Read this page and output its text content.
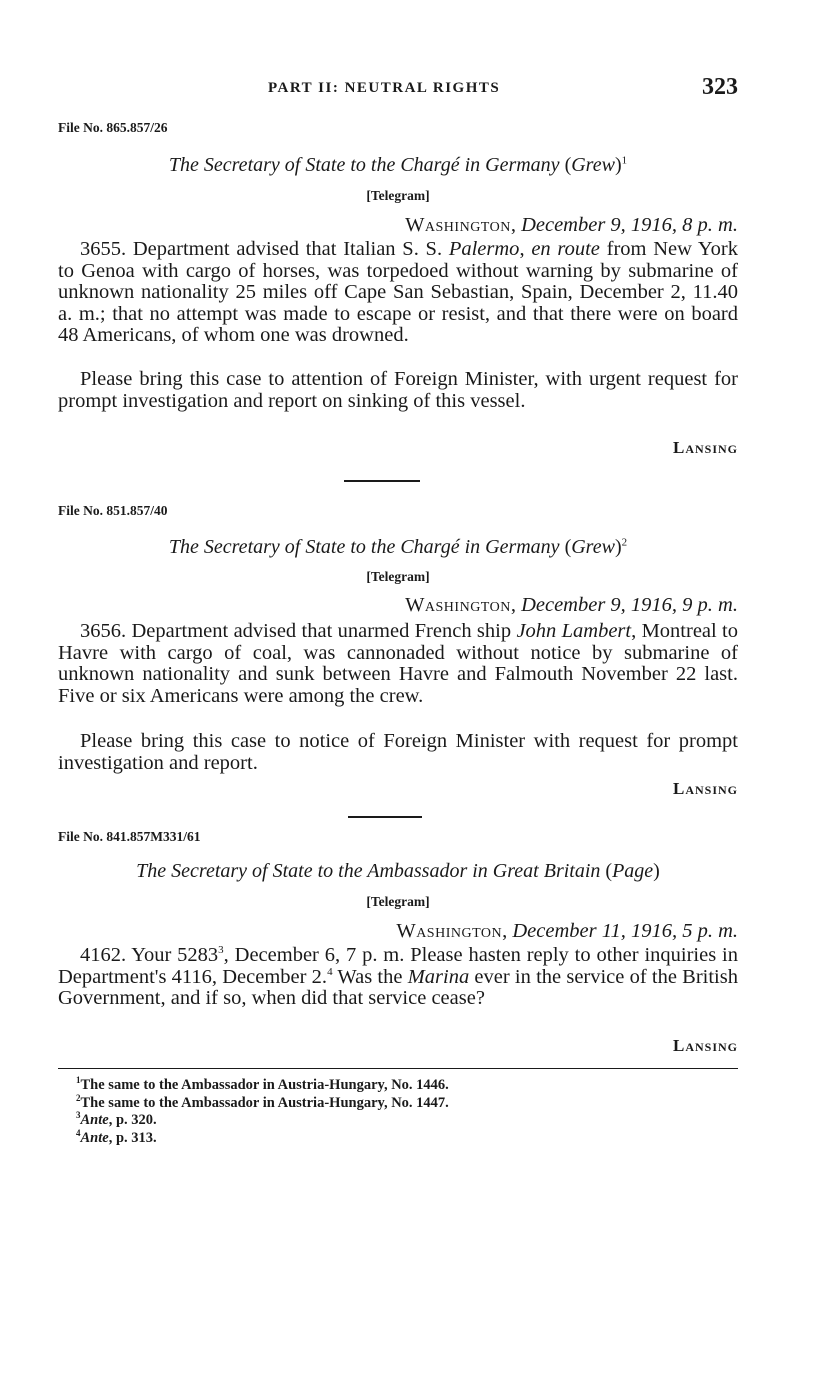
PART II: NEUTRAL RIGHTS	323
File No. 865.857/26
The Secretary of State to the Chargé in Germany (Grew)$^1$
[Telegram]
Washington, December 9, 1916, 8 p. m.
3655. Department advised that Italian S. S. Palermo, en route from New York to Genoa with cargo of horses, was torpedoed without warning by submarine of unknown nationality 25 miles off Cape San Sebastian, Spain, December 2, 11.40 a. m.; that no attempt was made to escape or resist, and that there were on board 48 Americans, of whom one was drowned.
Please bring this case to attention of Foreign Minister, with urgent request for prompt investigation and report on sinking of this vessel.
Lansing
File No. 851.857/40
The Secretary of State to the Chargé in Germany (Grew)$^2$
[Telegram]
Washington, December 9, 1916, 9 p. m.
3656. Department advised that unarmed French ship John Lambert, Montreal to Havre with cargo of coal, was cannonaded without notice by submarine of unknown nationality and sunk between Havre and Falmouth November 22 last. Five or six Americans were among the crew.
Please bring this case to notice of Foreign Minister with request for prompt investigation and report.
Lansing
File No. 841.857M331/61
The Secretary of State to the Ambassador in Great Britain (Page)
[Telegram]
Washington, December 11, 1916, 5 p. m.
4162. Your 5283$^3$, December 6, 7 p. m. Please hasten reply to other inquiries in Department's 4116, December 2.$^4$ Was the Marina ever in the service of the British Government, and if so, when did that service cease?
Lansing
$^1$The same to the Ambassador in Austria-Hungary, No. 1446.
$^2$The same to the Ambassador in Austria-Hungary, No. 1447.
$^3$Ante, p. 320.
$^4$Ante, p. 313.
